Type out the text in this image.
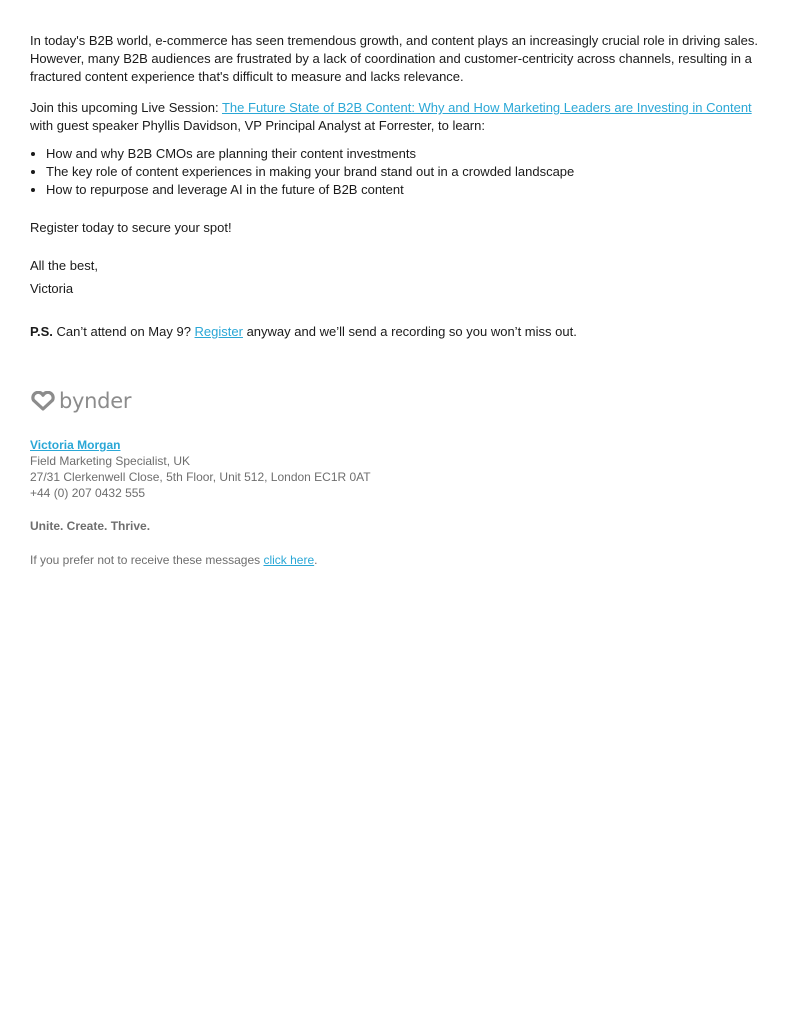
In today's B2B world, e-commerce has seen tremendous growth, and content plays an increasingly crucial role in driving sales. However, many B2B audiences are frustrated by a lack of coordination and customer-centricity across channels, resulting in a fractured content experience that's difficult to measure and lacks relevance.

Join this upcoming Live Session: The Future State of B2B Content: Why and How Marketing Leaders are Investing in Content with guest speaker Phyllis Davidson, VP Principal Analyst at Forrester, to learn:

• How and why B2B CMOs are planning their content investments
• The key role of content experiences in making your brand stand out in a crowded landscape
• How to repurpose and leverage AI in the future of B2B content

Register today to secure your spot!

All the best,

Victoria

P.S. Can’t attend on May 9? Register anyway and we’ll send a recording so you won’t miss out.

bynder
Victoria Morgan
Field Marketing Specialist, UK
27/31 Clerkenwell Close, 5th Floor, Unit 512, London EC1R 0AT
+44 (0) 207 0432 555
Unite. Create. Thrive.
If you prefer not to receive these messages click here.
